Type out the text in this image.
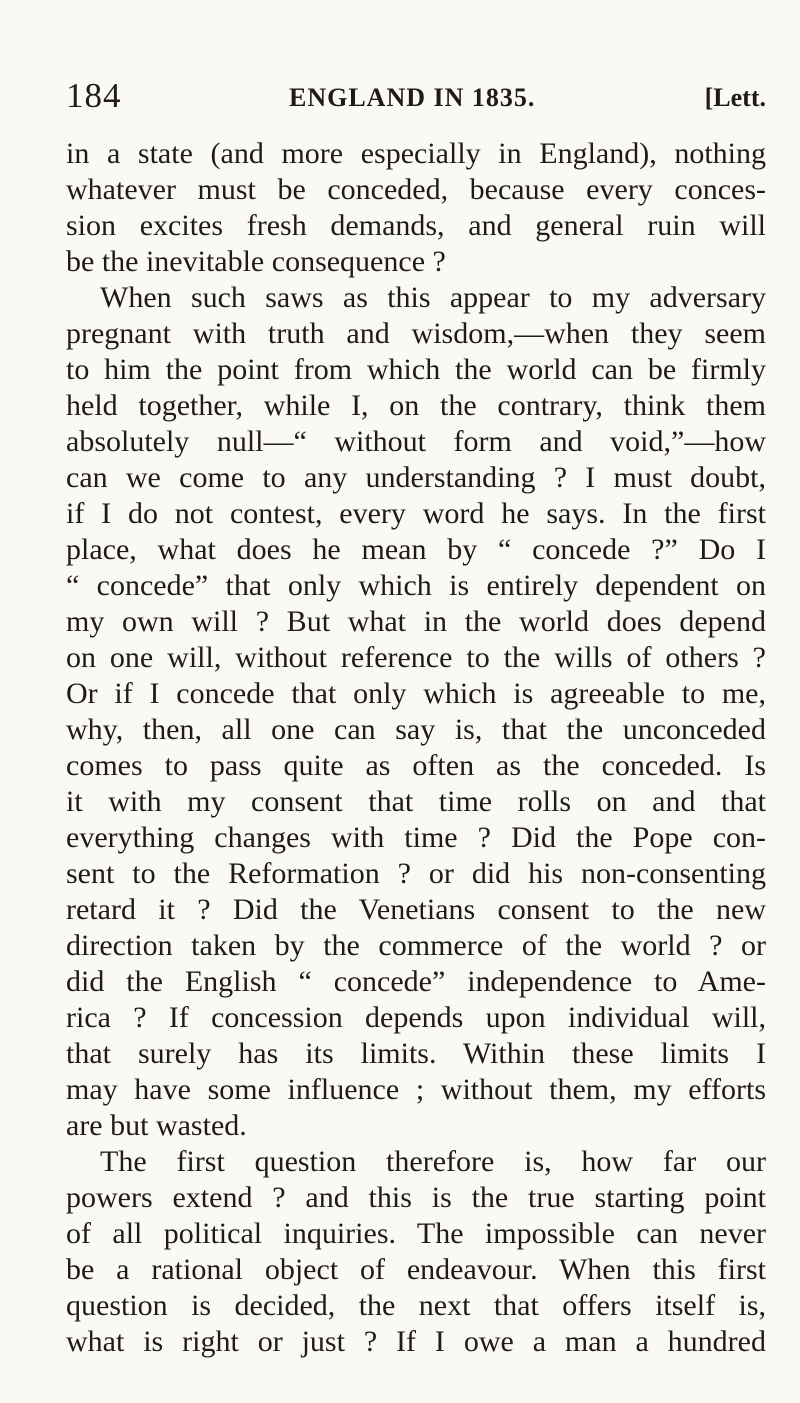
184	ENGLAND IN 1835.	[Lett.
in a state (and more especially in England), nothing
whatever must be conceded, because every conces-
sion excites fresh demands, and general ruin will
be the inevitable consequence ?
When such saws as this appear to my adversary
pregnant with truth and wisdom,—when they seem
to him the point from which the world can be firmly
held together, while I, on the contrary, think them
absolutely null—“ without form and void,”—how
can we come to any understanding ? I must doubt,
if I do not contest, every word he says. In the first
place, what does he mean by “ concede ?” Do I
“ concede” that only which is entirely dependent on
my own will ? But what in the world does depend
on one will, without reference to the wills of others ?
Or if I concede that only which is agreeable to me,
why, then, all one can say is, that the unconceded
comes to pass quite as often as the conceded. Is
it with my consent that time rolls on and that
everything changes with time ? Did the Pope con-
sent to the Reformation ? or did his non-consenting
retard it ? Did the Venetians consent to the new
direction taken by the commerce of the world ? or
did the English “ concede” independence to Ame-
rica ? If concession depends upon individual will,
that surely has its limits. Within these limits I
may have some influence ; without them, my efforts
are but wasted.
The first question therefore is, how far our
powers extend ? and this is the true starting point
of all political inquiries. The impossible can never
be a rational object of endeavour. When this first
question is decided, the next that offers itself is,
what is right or just ? If I owe a man a hundred
